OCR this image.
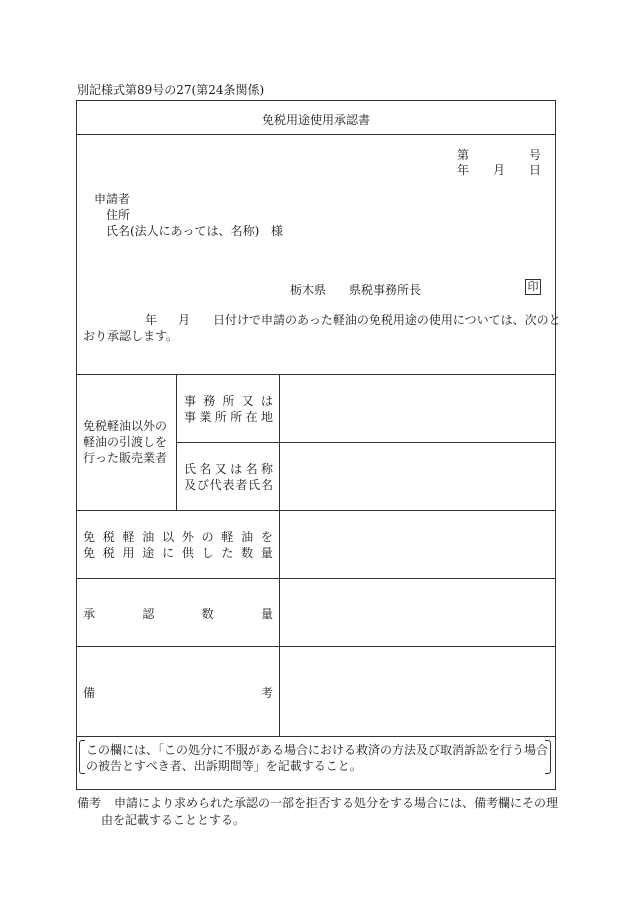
別記様式第89号の27(第24条関係)
免税用途使用承認書
第	号
年 月 日
申請者
住所
氏名(法人にあっては、名称) 様
栃木県 県税事務所長	印
年 月 日付けで申請のあった軽油の免税用途の使用については、次のと
おり承認します。
免税軽油以外の
軽油の引渡しを
行った販売業者
事 務 所 又 は
事 業 所 所 在 地
氏 名 又 は 名 称
及 び 代 表 者 氏 名
免 税 軽 油 以 外 の 軽 油 を
免 税 用 途 に 供 し た 数 量
承	認	数	量
備	考
この欄には、「この処分に不服がある場合における救済の方法及び取消訴訟を行う場合
の被告とすべき者、出訴期間等」を記載すること。
備考 申請により求められた承認の一部を拒否する処分をする場合には、備考欄にその理
由を記載することとする。
